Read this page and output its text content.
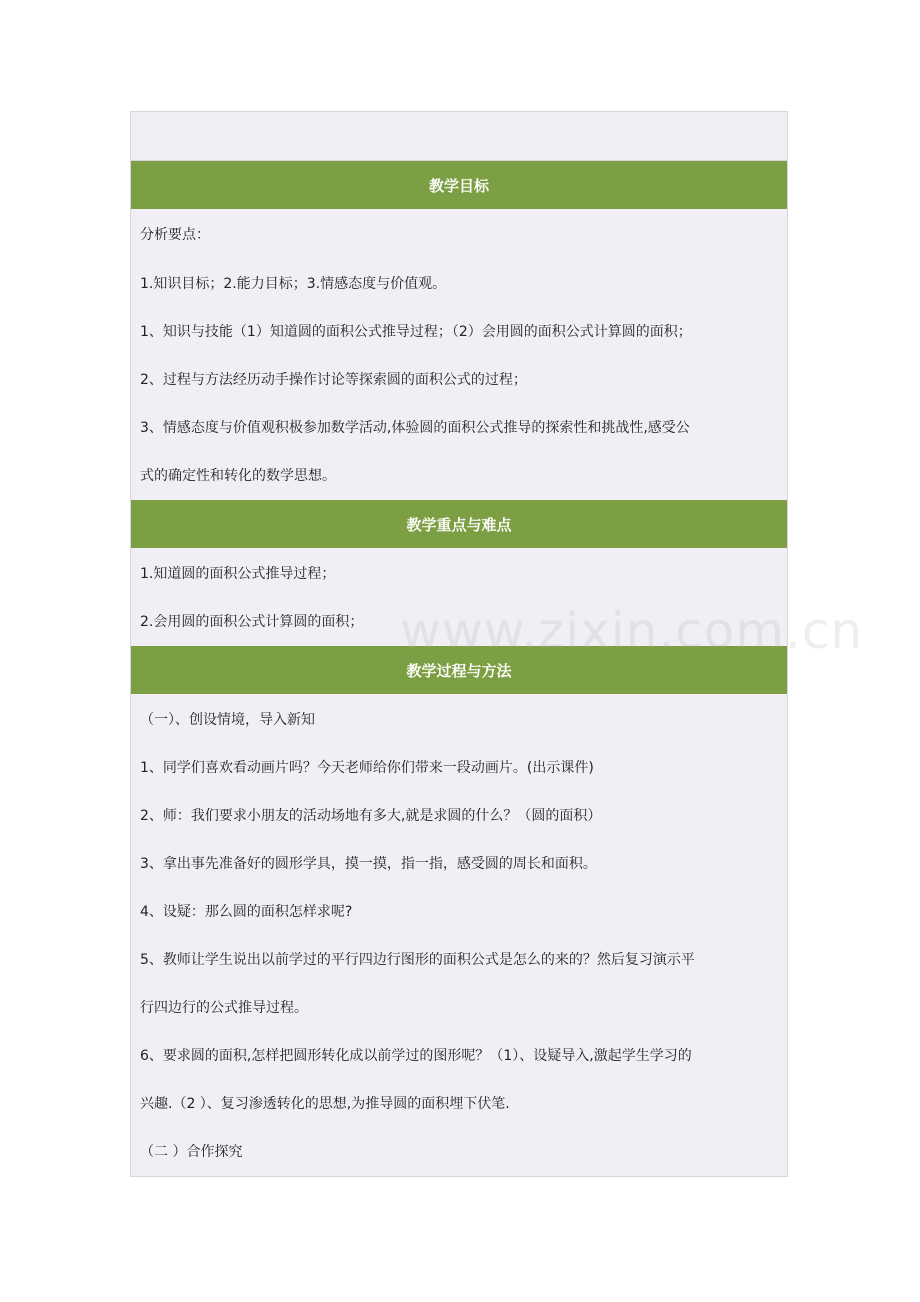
教学目标
分析要点：
1.知识目标；2.能力目标；3.情感态度与价值观。
1、知识与技能（1）知道圆的面积公式推导过程；（2）会用圆的面积公式计算圆的面积；
2、过程与方法经历动手操作讨论等探索圆的面积公式的过程；
3、情感态度与价值观积极参加数学活动,体验圆的面积公式推导的探索性和挑战性,感受公
式的确定性和转化的数学思想。
教学重点与难点
1.知道圆的面积公式推导过程；
2.会用圆的面积公式计算圆的面积；
教学过程与方法
（一）、创设情境，导入新知
1、同学们喜欢看动画片吗？今天老师给你们带来一段动画片。(出示课件)
2、师：我们要求小朋友的活动场地有多大,就是求圆的什么？（圆的面积）
3、拿出事先准备好的圆形学具，摸一摸，指一指，感受圆的周长和面积。
4、设疑：那么圆的面积怎样求呢?
5、教师让学生说出以前学过的平行四边行图形的面积公式是怎么的来的？然后复习演示平
行四边行的公式推导过程。
6、要求圆的面积,怎样把圆形转化成以前学过的图形呢？（1）、设疑导入,激起学生学习的
兴趣.（2 ）、复习渗透转化的思想,为推导圆的面积埋下伏笔.
（二 ）合作探究
